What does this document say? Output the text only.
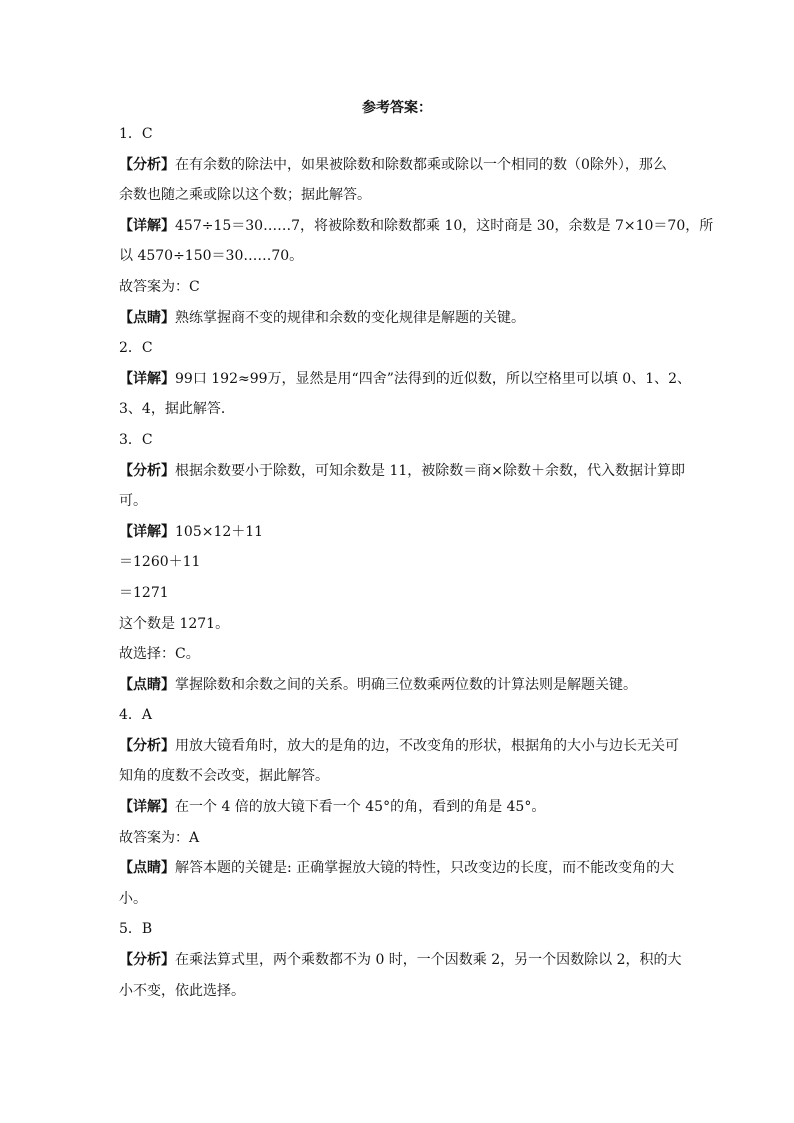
参考答案：
1．C
【分析】在有余数的除法中，如果被除数和除数都乘或除以一个相同的数（0除外），那么
余数也随之乘或除以这个数；据此解答。
【详解】457÷15＝30……7，将被除数和除数都乘 10，这时商是 30，余数是 7×10＝70，所
以 4570÷150＝30……70。
故答案为：C
【点睛】熟练掌握商不变的规律和余数的变化规律是解题的关键。
2．C
【详解】99口 192≈99万，显然是用“四舍”法得到的近似数，所以空格里可以填 0、1、2、
3、4，据此解答．
3．C
【分析】根据余数要小于除数，可知余数是 11，被除数＝商×除数＋余数，代入数据计算即
可。
【详解】105×12＋11
＝1260＋11
＝1271
这个数是 1271。
故选择：C。
【点睛】掌握除数和余数之间的关系。明确三位数乘两位数的计算法则是解题关键。
4．A
【分析】用放大镜看角时，放大的是角的边，不改变角的形状，根据角的大小与边长无关可
知角的度数不会改变，据此解答。
【详解】在一个 4 倍的放大镜下看一个 45°的角，看到的角是 45°。
故答案为：A
【点睛】解答本题的关键是: 正确掌握放大镜的特性，只改变边的长度，而不能改变角的大
小。
5．B
【分析】在乘法算式里，两个乘数都不为 0 时，一个因数乘 2，另一个因数除以 2，积的大
小不变，依此选择。
